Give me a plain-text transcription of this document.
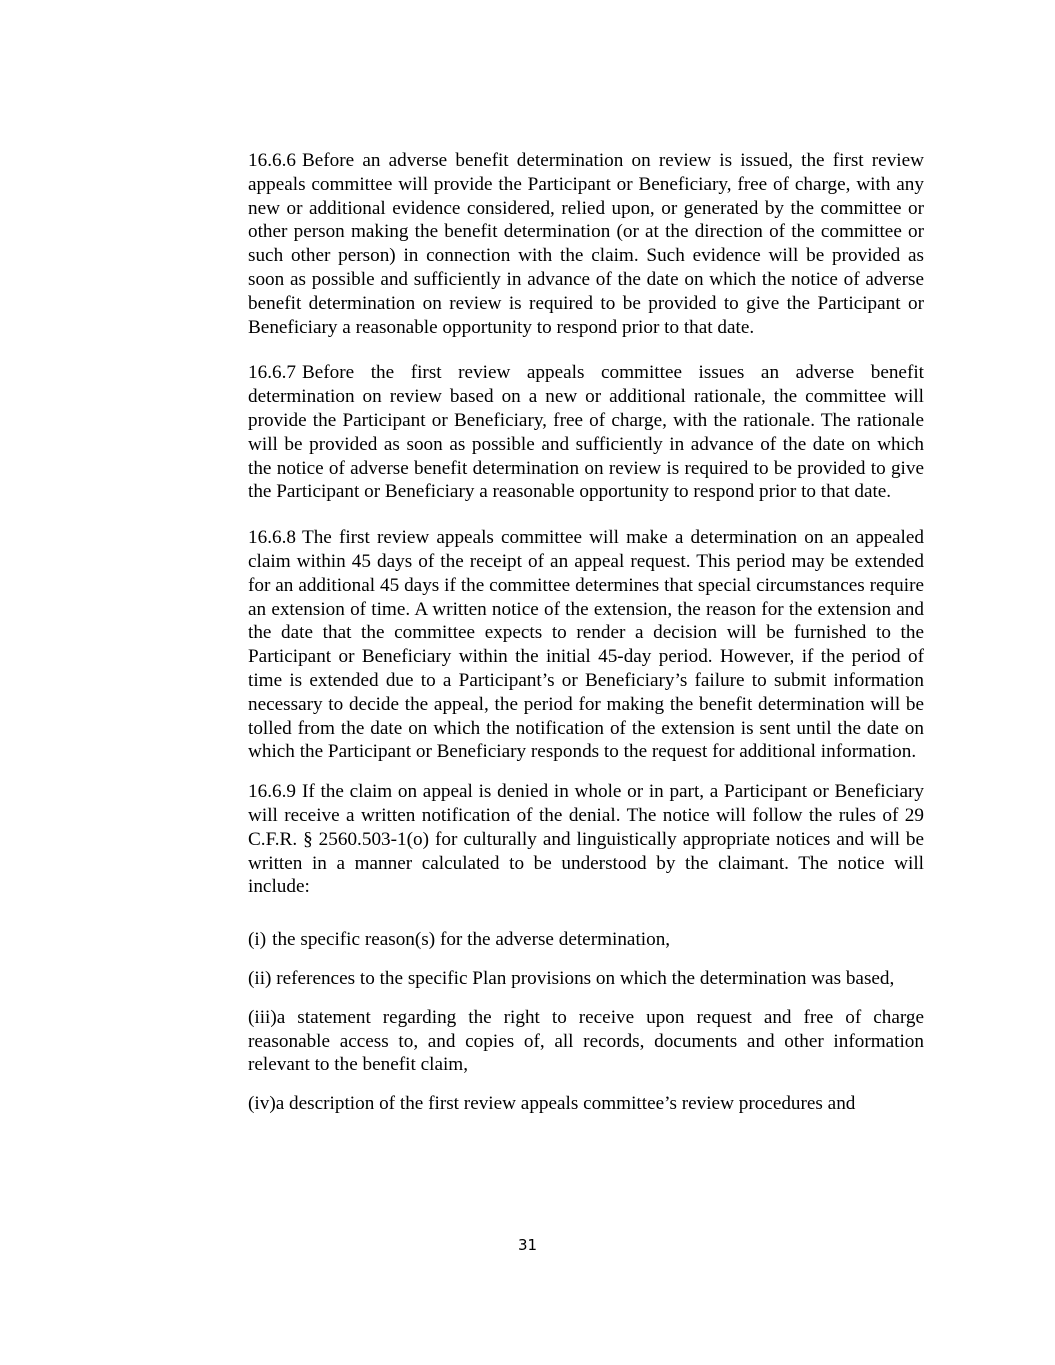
16.6.6 Before an adverse benefit determination on review is issued, the first review appeals committee will provide the Participant or Beneficiary, free of charge, with any new or additional evidence considered, relied upon, or generated by the committee or other person making the benefit determination (or at the direction of the committee or such other person) in connection with the claim. Such evidence will be provided as soon as possible and sufficiently in advance of the date on which the notice of adverse benefit determination on review is required to be provided to give the Participant or Beneficiary a reasonable opportunity to respond prior to that date.

16.6.7 Before the first review appeals committee issues an adverse benefit determination on review based on a new or additional rationale, the committee will provide the Participant or Beneficiary, free of charge, with the rationale. The rationale will be provided as soon as possible and sufficiently in advance of the date on which the notice of adverse benefit determination on review is required to be provided to give the Participant or Beneficiary a reasonable opportunity to respond prior to that date.

16.6.8 The first review appeals committee will make a determination on an appealed claim within 45 days of the receipt of an appeal request. This period may be extended for an additional 45 days if the committee determines that special circumstances require an extension of time. A written notice of the extension, the reason for the extension and the date that the committee expects to render a decision will be furnished to the Participant or Beneficiary within the initial 45-day period. However, if the period of time is extended due to a Participant’s or Beneficiary’s failure to submit information necessary to decide the appeal, the period for making the benefit determination will be tolled from the date on which the notification of the extension is sent until the date on which the Participant or Beneficiary responds to the request for additional information.

16.6.9 If the claim on appeal is denied in whole or in part, a Participant or Beneficiary will receive a written notification of the denial. The notice will follow the rules of 29 C.F.R. § 2560.503-1(o) for culturally and linguistically appropriate notices and will be written in a manner calculated to be understood by the claimant. The notice will include:

(i) the specific reason(s) for the adverse determination,

(ii) references to the specific Plan provisions on which the determination was based,

(iii)a statement regarding the right to receive upon request and free of charge reasonable access to, and copies of, all records, documents and other information relevant to the benefit claim,

(iv)a description of the first review appeals committee’s review procedures and

31
